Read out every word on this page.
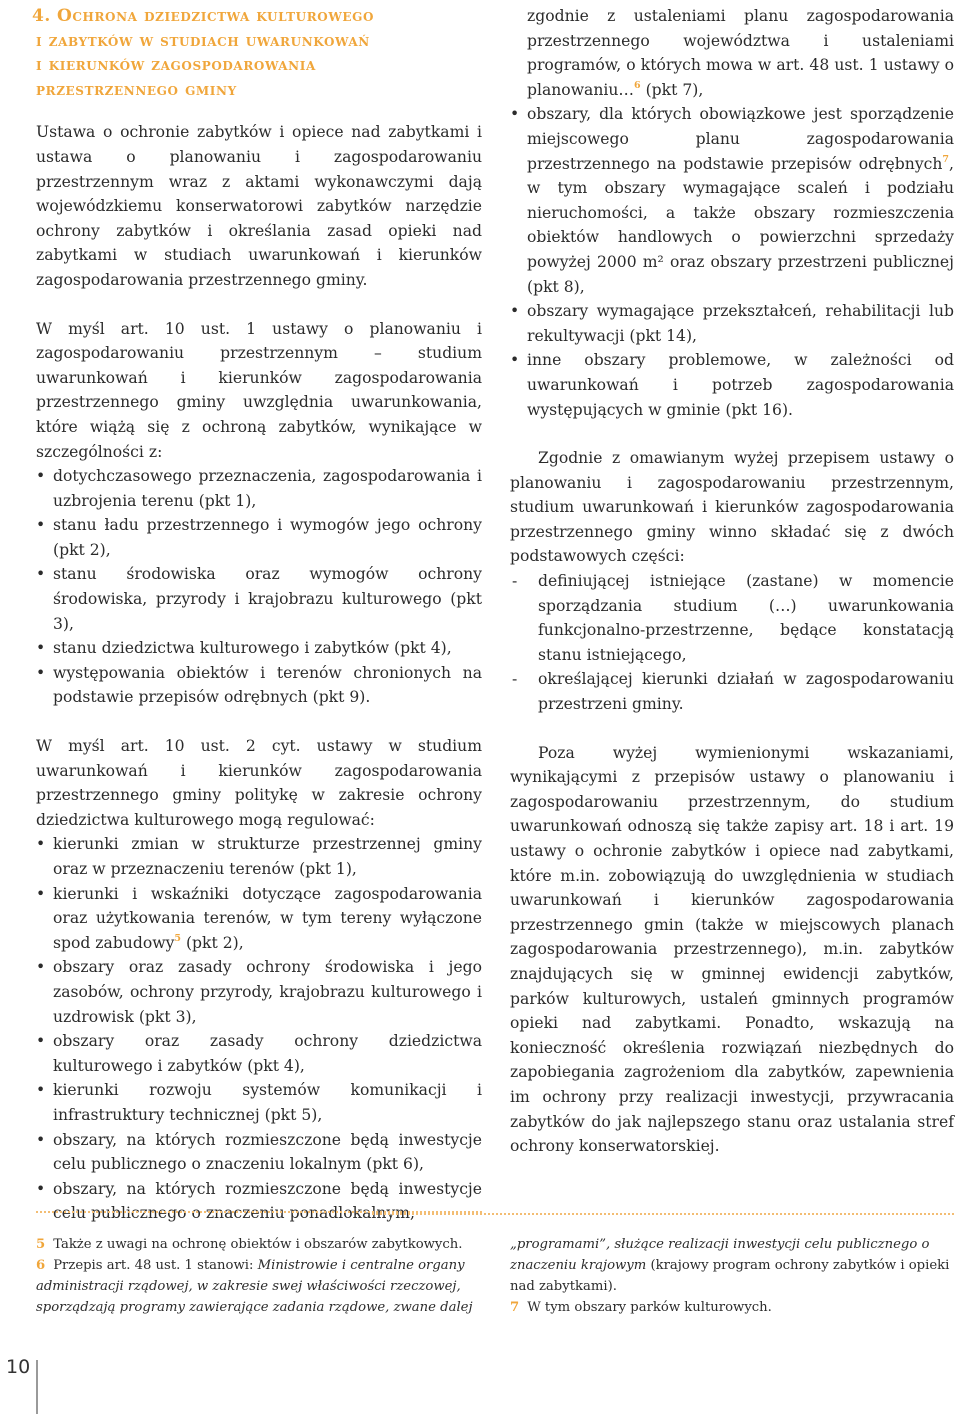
4. Ochrona dziedzictwa kulturowego
i zabytków w studiach uwarunkowań
i kierunków zagospodarowania
przestrzennego gminy

Ustawa o ochronie zabytków i opiece nad zabytkami i ustawa o planowaniu i zagospodarowaniu przestrzennym wraz z aktami wykonawczymi dają wojewódzkiemu konserwatorowi zabytków narzędzie ochrony zabytków i określania zasad opieki nad zabytkami w studiach uwarunkowań i kierunków zagospodarowania przestrzennego gminy.

W myśl art. 10 ust. 1 ustawy o planowaniu i zagospodarowaniu przestrzennym – studium uwarunkowań i kierunków zagospodarowania przestrzennego gminy uwzględnia uwarunkowania, które wiążą się z ochroną zabytków, wynikające w szczególności z:

• dotychczasowego przeznaczenia, zagospodarowania i uzbrojenia terenu (pkt 1),
• stanu ładu przestrzennego i wymogów jego ochrony (pkt 2),
• stanu środowiska oraz wymogów ochrony środowiska, przyrody i krajobrazu kulturowego (pkt 3),
• stanu dziedzictwa kulturowego i zabytków (pkt 4),
• występowania obiektów i terenów chronionych na podstawie przepisów odrębnych (pkt 9).

W myśl art. 10 ust. 2 cyt. ustawy w studium uwarunkowań i kierunków zagospodarowania przestrzennego gminy politykę w zakresie ochrony dziedzictwa kulturowego mogą regulować:

• kierunki zmian w strukturze przestrzennej gminy oraz w przeznaczeniu terenów (pkt 1),
• kierunki i wskaźniki dotyczące zagospodarowania oraz użytkowania terenów, w tym tereny wyłączone spod zabudowy$^5$ (pkt 2),
• obszary oraz zasady ochrony środowiska i jego zasobów, ochrony przyrody, krajobrazu kulturowego i uzdrowisk (pkt 3),
• obszary oraz zasady ochrony dziedzictwa kulturowego i zabytków (pkt 4),
• kierunki rozwoju systemów komunikacji i infrastruktury technicznej (pkt 5),
• obszary, na których rozmieszczone będą inwestycje celu publicznego o znaczeniu lokalnym (pkt 6),
• obszary, na których rozmieszczone będą inwestycje celu publicznego o znaczeniu ponadlokalnym,

zgodnie z ustaleniami planu zagospodarowania przestrzennego województwa i ustaleniami programów, o których mowa w art. 48 ust. 1 ustawy o planowaniu…$^6$ (pkt 7),

• obszary, dla których obowiązkowe jest sporządzenie miejscowego planu zagospodarowania przestrzennego na podstawie przepisów odrębnych$^7$, w tym obszary wymagające scaleń i podziału nieruchomości, a także obszary rozmieszczenia obiektów handlowych o powierzchni sprzedaży powyżej 2000 m² oraz obszary przestrzeni publicznej (pkt 8),
• obszary wymagające przekształceń, rehabilitacji lub rekultywacji (pkt 14),
• inne obszary problemowe, w zależności od uwarunkowań i potrzeb zagospodarowania występujących w gminie (pkt 16).

Zgodnie z omawianym wyżej przepisem ustawy o planowaniu i zagospodarowaniu przestrzennym, studium uwarunkowań i kierunków zagospodarowania przestrzennego gminy winno składać się z dwóch podstawowych części:

- definiującej istniejące (zastane) w momencie sporządzania studium (…) uwarunkowania funkcjonalno-przestrzenne, będące konstatacją stanu istniejącego,
- określającej kierunki działań w zagospodarowaniu przestrzeni gminy.

Poza wyżej wymienionymi wskazaniami, wynikającymi z przepisów ustawy o planowaniu i zagospodarowaniu przestrzennym, do studium uwarunkowań odnoszą się także zapisy art. 18 i art. 19 ustawy o ochronie zabytków i opiece nad zabytkami, które m.in. zobowiązują do uwzględnienia w studiach uwarunkowań i kierunków zagospodarowania przestrzennego gmin (także w miejscowych planach zagospodarowania przestrzennego), m.in. zabytków znajdujących się w gminnej ewidencji zabytków, parków kulturowych, ustaleń gminnych programów opieki nad zabytkami. Ponadto, wskazują na konieczność określenia rozwiązań niezbędnych do zapobiegania zagrożeniom dla zabytków, zapewnienia im ochrony przy realizacji inwestycji, przywracania zabytków do jak najlepszego stanu oraz ustalania stref ochrony konserwatorskiej.

5 Także z uwagi na ochronę obiektów i obszarów zabytkowych.

6 Przepis art. 48 ust. 1 stanowi: Ministrowie i centralne organy administracji rządowej, w zakresie swej właściwości rzeczowej, sporządzają programy zawierające zadania rządowe, zwane dalej

„programami”, służące realizacji inwestycji celu publicznego o znaczeniu krajowym (krajowy program ochrony zabytków i opieki nad zabytkami).

7 W tym obszary parków kulturowych.

10
